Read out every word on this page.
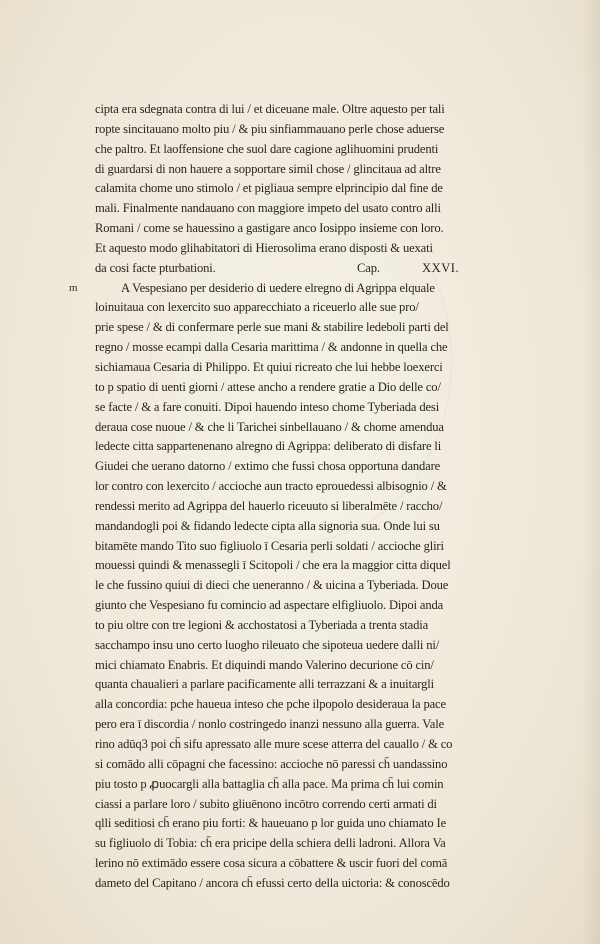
cipta era sdegnata contra di lui / et diceuane male. Oltre aquesto per tali
ropte sincitauano molto piu / & piu sinfiammauano perle chose aduerse
che paltro. Et laoffensione che suol dare cagione aglihuomini prudenti
di guardarsi di non hauere a sopportare simil chose / glincitaua ad altre
calamita chome uno stimolo / et pigliaua sempre elprincipio dal fine de
mali. Finalmente nandauano con maggiore impeto del usato contro alli
Romani / come se hauessino a gastigare anco Iosippo insieme con loro.
Et aquesto modo glihabitatori di Hierosolima erano disposti & uexati
da cosi facte pturbationi.	Cap.	XXVI.
m	A Vespesiano per desiderio di uedere elregno di Agrippa elquale
loinuitaua con lexercito suo apparecchiato a riceuerlo alle sue pro/
prie spese / & di confermare perle sue mani & stabilire ledeboli parti del
regno / mosse ecampi dalla Cesaria marittima / & andonne in quella che
sichiamaua Cesaria di Philippo. Et quiui ricreato che lui hebbe loexerci
to p spatio di uenti giorni / attese ancho a rendere gratie a Dio delle co/
se facte / & a fare conuiti. Dipoi hauendo inteso chome Tyberiada desi
deraua cose nuoue / & che li Tarichei sinbellauano / & chome amendua
ledecte citta sappartenenano alregno di Agrippa: deliberato di disfare li
Giudei che uerano datorno / extimo che fussi chosa opportuna dandare
lor contro con lexercito / accioche aun tracto eprouedessi albisognio / &
rendessi merito ad Agrippa del hauerlo riceuuto si liberalmēte / raccho/
mandandogli poi & fidando ledecte cipta alla signoria sua. Onde lui su
bitamēte mando Tito suo figliuolo ī Cesaria perli soldati / accioche gliri
mouessi quindi & menassegli ī Scitopoli / che era la maggior citta diquel
le che fussino quiui di dieci che ueneranno / & uicina a Tyberiada. Doue
giunto che Vespesiano fu comincio ad aspectare elfigliuolo. Dipoi anda
to piu oltre con tre legioni & acchostatosi a Tyberiada a trenta stadia
sacchampo insu uno certo luogho rileuato che sipoteua uedere dalli ni/
mici chiamato Enabris. Et diquindi mando Valerino decurione cō cin/
quanta chaualieri a parlare pacificamente alli terrazzani & a inuitargli
alla concordia: pche haueua inteso che pche ilpopolo desideraua la pace
pero era ī discordia / nonlo costringedo inanzi nessuno alla guerra. Vale
rino adūq3 poi ch̄ sifu apressato alle mure scese atterra del cauallo / & co
si comādo alli cōpagni che facessino: accioche nō paressi ch̄ uandassino
piu tosto p ꝓuocargli alla battaglia ch̄ alla pace. Ma prima ch̄ lui comin
ciassi a parlare loro / subito gliuēnono incōtro correndo certi armati di
qlli seditiosi ch̄ erano piu forti: & haueuano p lor guida uno chiamato Ie
su figliuolo di Tobia: ch̄ era pricipe della schiera delli ladroni. Allora Va
lerino nō extimādo essere cosa sicura a cōbattere & uscir fuori del comā
dameto del Capitano / ancora ch̄ efussi certo della uictoria: & conoscēdo
